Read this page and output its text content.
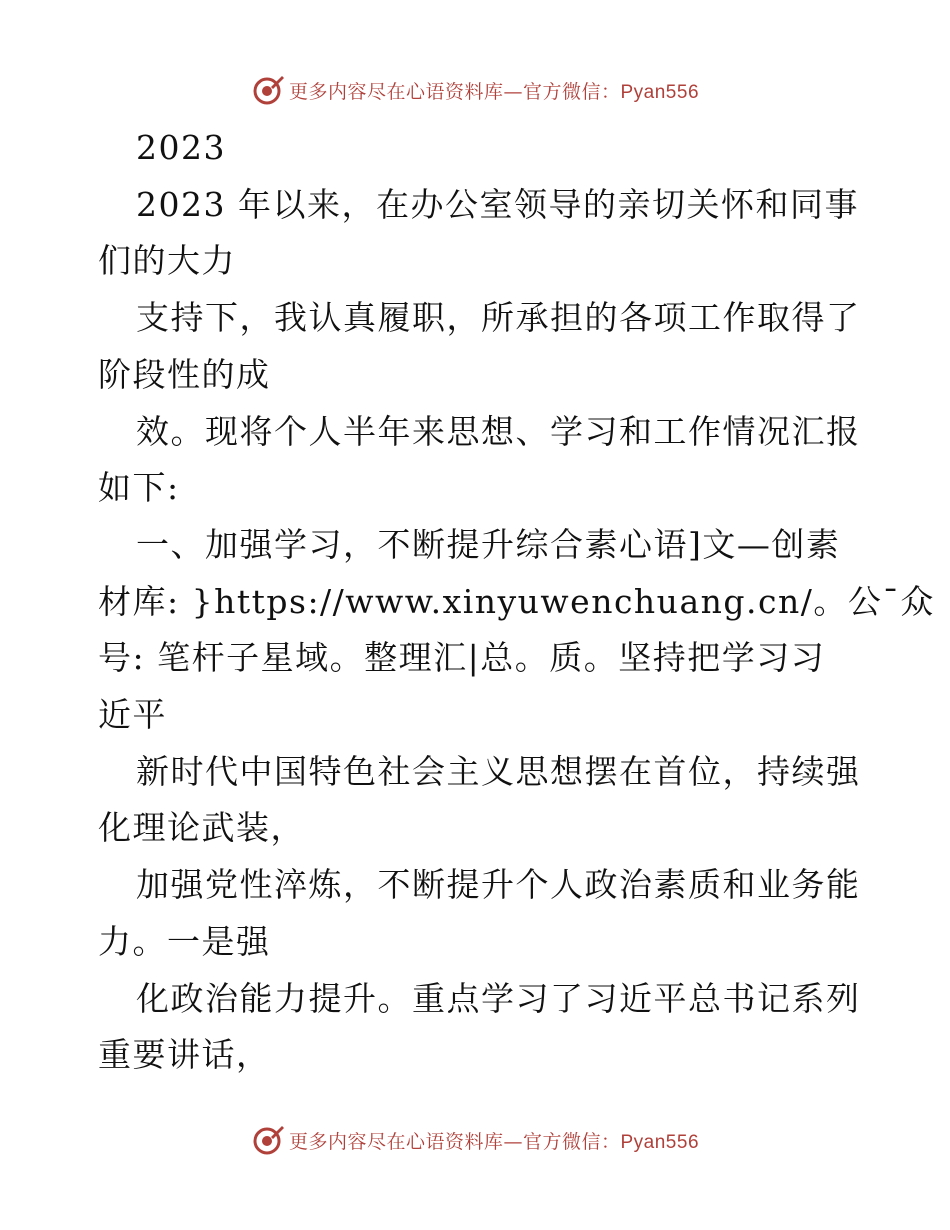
更多内容尽在心语资料库—官方微信：Pyan556

2023

2023 年以来，在办公室领导的亲切关怀和同事

们的大力

支持下，我认真履职，所承担的各项工作取得了

阶段性的成

效。现将个人半年来思想、学习和工作情况汇报

如下:

一、加强学习，不断提升综合素心语]文—创素

材库: }https://www.xinyuwenchuang.cn/。公¯众

号: 笔杆子星域。整理汇|总。质。坚持把学习习

近平

新时代中国特色社会主义思想摆在首位，持续强

化理论武装，

加强党性淬炼，不断提升个人政治素质和业务能

力。一是强

化政治能力提升。重点学习了习近平总书记系列

重要讲话，

更多内容尽在心语资料库—官方微信：Pyan556
